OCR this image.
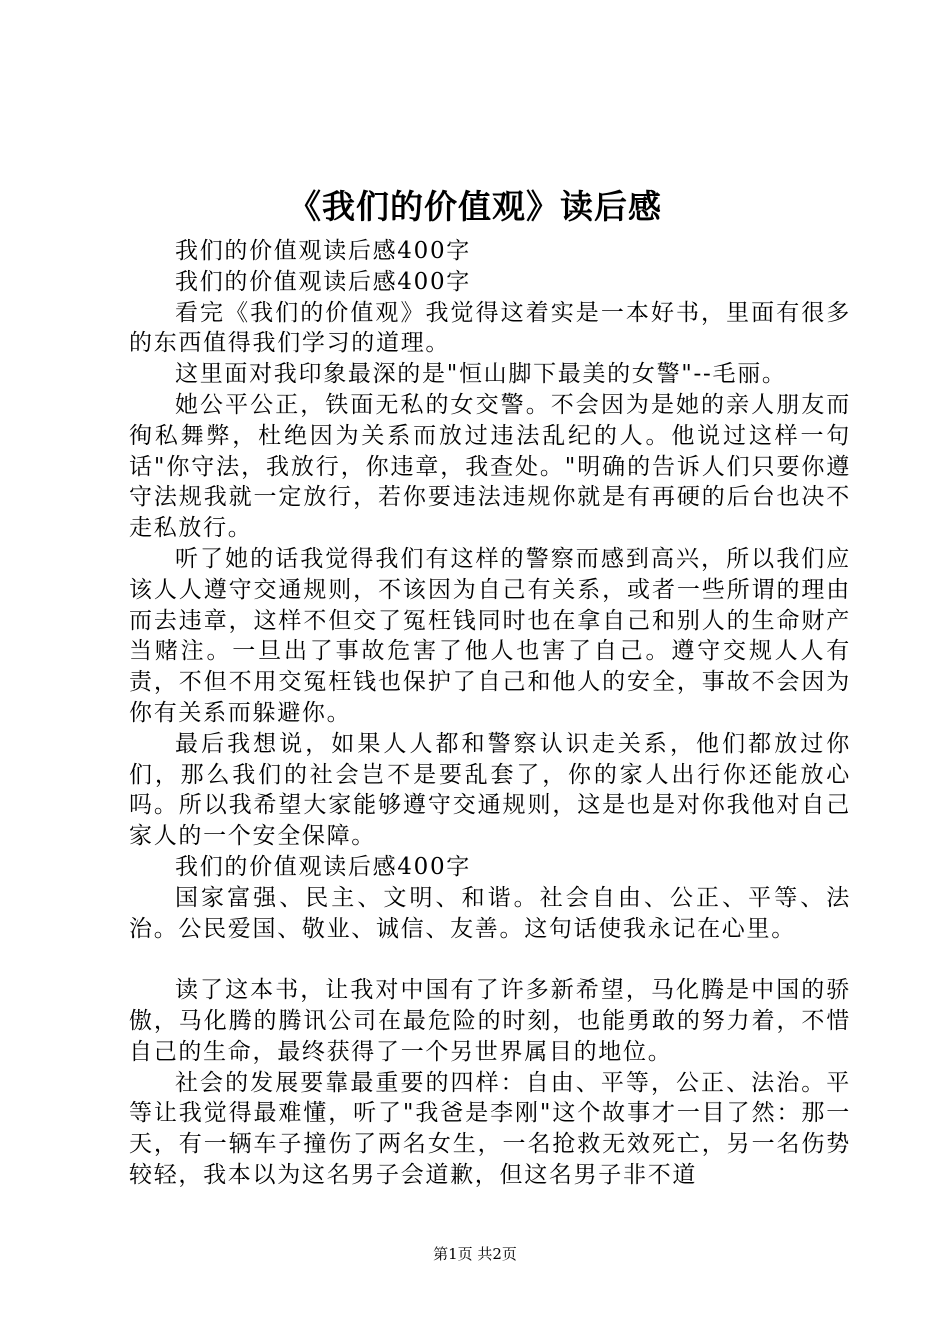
《我们的价值观》读后感

我们的价值观读后感400字

我们的价值观读后感400字

看完《我们的价值观》我觉得这着实是一本好书，里面有很多的东西值得我们学习的道理。

这里面对我印象最深的是"恒山脚下最美的女警"--毛丽。

她公平公正，铁面无私的女交警。不会因为是她的亲人朋友而徇私舞弊，杜绝因为关系而放过违法乱纪的人。他说过这样一句话"你守法，我放行，你违章，我查处。"明确的告诉人们只要你遵守法规我就一定放行，若你要违法违规你就是有再硬的后台也决不走私放行。

听了她的话我觉得我们有这样的警察而感到高兴，所以我们应该人人遵守交通规则，不该因为自己有关系，或者一些所谓的理由而去违章，这样不但交了冤枉钱同时也在拿自己和别人的生命财产当赌注。一旦出了事故危害了他人也害了自己。遵守交规人人有责，不但不用交冤枉钱也保护了自己和他人的安全，事故不会因为你有关系而躲避你。

最后我想说，如果人人都和警察认识走关系，他们都放过你们，那么我们的社会岂不是要乱套了，你的家人出行你还能放心吗。所以我希望大家能够遵守交通规则，这是也是对你我他对自己家人的一个安全保障。

我们的价值观读后感400字

国家富强、民主、文明、和谐。社会自由、公正、平等、法治。公民爱国、敬业、诚信、友善。这句话使我永记在心里。

读了这本书，让我对中国有了许多新希望，马化腾是中国的骄傲，马化腾的腾讯公司在最危险的时刻，也能勇敢的努力着，不惜自己的生命，最终获得了一个另世界属目的地位。

社会的发展要靠最重要的四样：自由、平等，公正、法治。平等让我觉得最难懂，听了"我爸是李刚"这个故事才一目了然：那一天，有一辆车子撞伤了两名女生，一名抢救无效死亡，另一名伤势较轻，我本以为这名男子会道歉，但这名男子非不道

第1页 共2页
